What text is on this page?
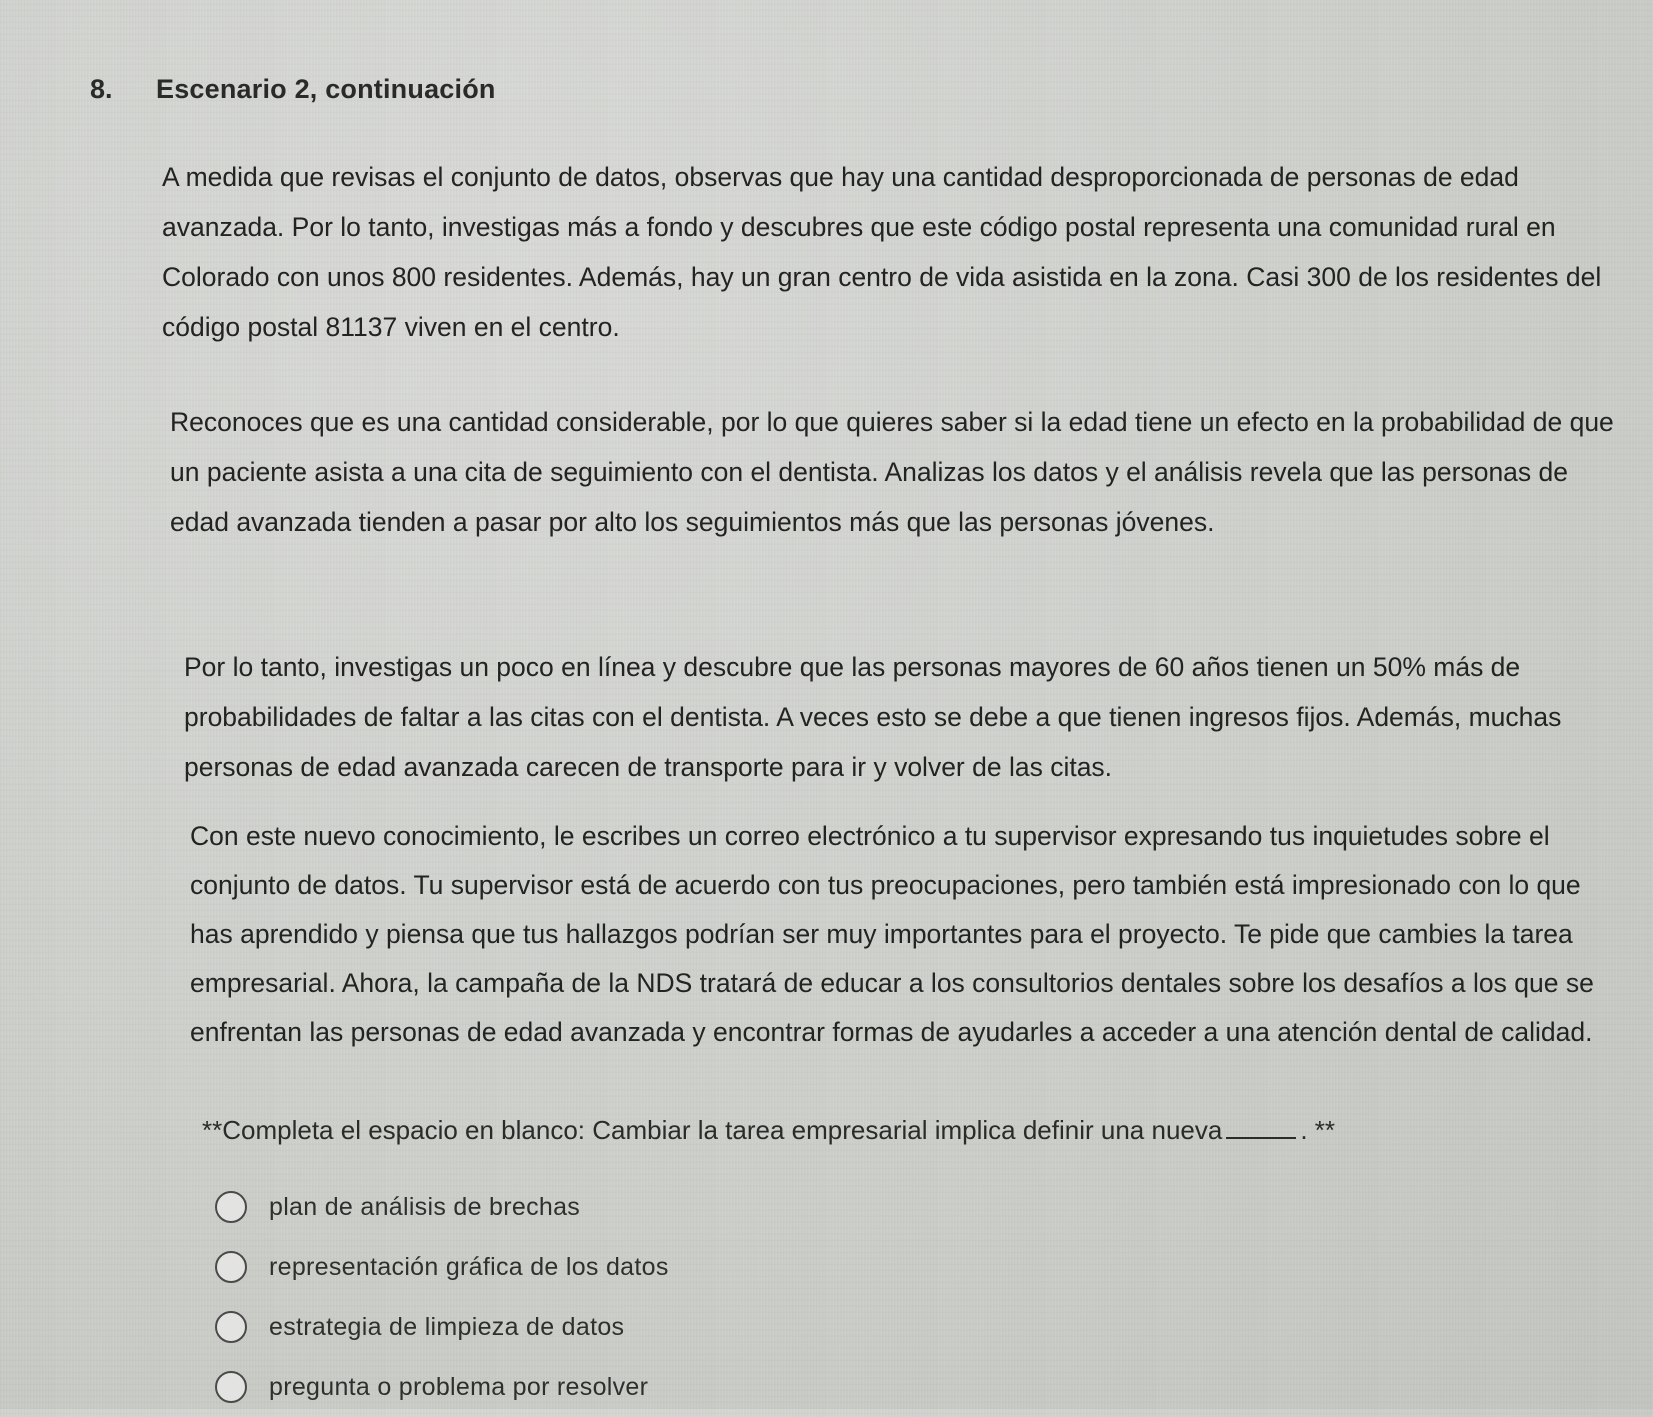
8.	Escenario 2, continuación

A medida que revisas el conjunto de datos, observas que hay una cantidad desproporcionada de personas de edad avanzada. Por lo tanto, investigas más a fondo y descubres que este código postal representa una comunidad rural en Colorado con unos 800 residentes. Además, hay un gran centro de vida asistida en la zona. Casi 300 de los residentes del código postal 81137 viven en el centro.

Reconoces que es una cantidad considerable, por lo que quieres saber si la edad tiene un efecto en la probabilidad de que un paciente asista a una cita de seguimiento con el dentista. Analizas los datos y el análisis revela que las personas de edad avanzada tienden a pasar por alto los seguimientos más que las personas jóvenes.

Por lo tanto, investigas un poco en línea y descubre que las personas mayores de 60 años tienen un 50% más de probabilidades de faltar a las citas con el dentista. A veces esto se debe a que tienen ingresos fijos. Además, muchas personas de edad avanzada carecen de transporte para ir y volver de las citas.

Con este nuevo conocimiento, le escribes un correo electrónico a tu supervisor expresando tus inquietudes sobre el conjunto de datos. Tu supervisor está de acuerdo con tus preocupaciones, pero también está impresionado con lo que has aprendido y piensa que tus hallazgos podrían ser muy importantes para el proyecto. Te pide que cambies la tarea empresarial. Ahora, la campaña de la NDS tratará de educar a los consultorios dentales sobre los desafíos a los que se enfrentan las personas de edad avanzada y encontrar formas de ayudarles a acceder a una atención dental de calidad.

**Completa el espacio en blanco: Cambiar la tarea empresarial implica definir una nueva	. **
plan de análisis de brechas
representación gráfica de los datos
estrategia de limpieza de datos
pregunta o problema por resolver
